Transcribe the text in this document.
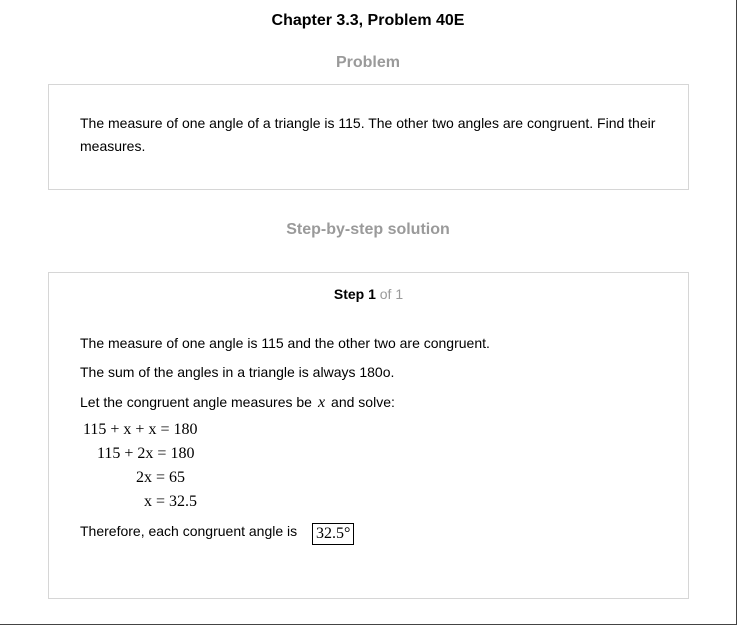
Chapter 3.3, Problem 40E
Problem
The measure of one angle of a triangle is 115. The other two angles are congruent. Find their measures.
Step-by-step solution
Step 1 of 1
The measure of one angle is 115 and the other two are congruent.
The sum of the angles in a triangle is always 180o.
Let the congruent angle measures be x and solve:
115 + x + x = 180
115 + 2x = 180
2x = 65
x = 32.5
Therefore, each congruent angle is 32.5°
